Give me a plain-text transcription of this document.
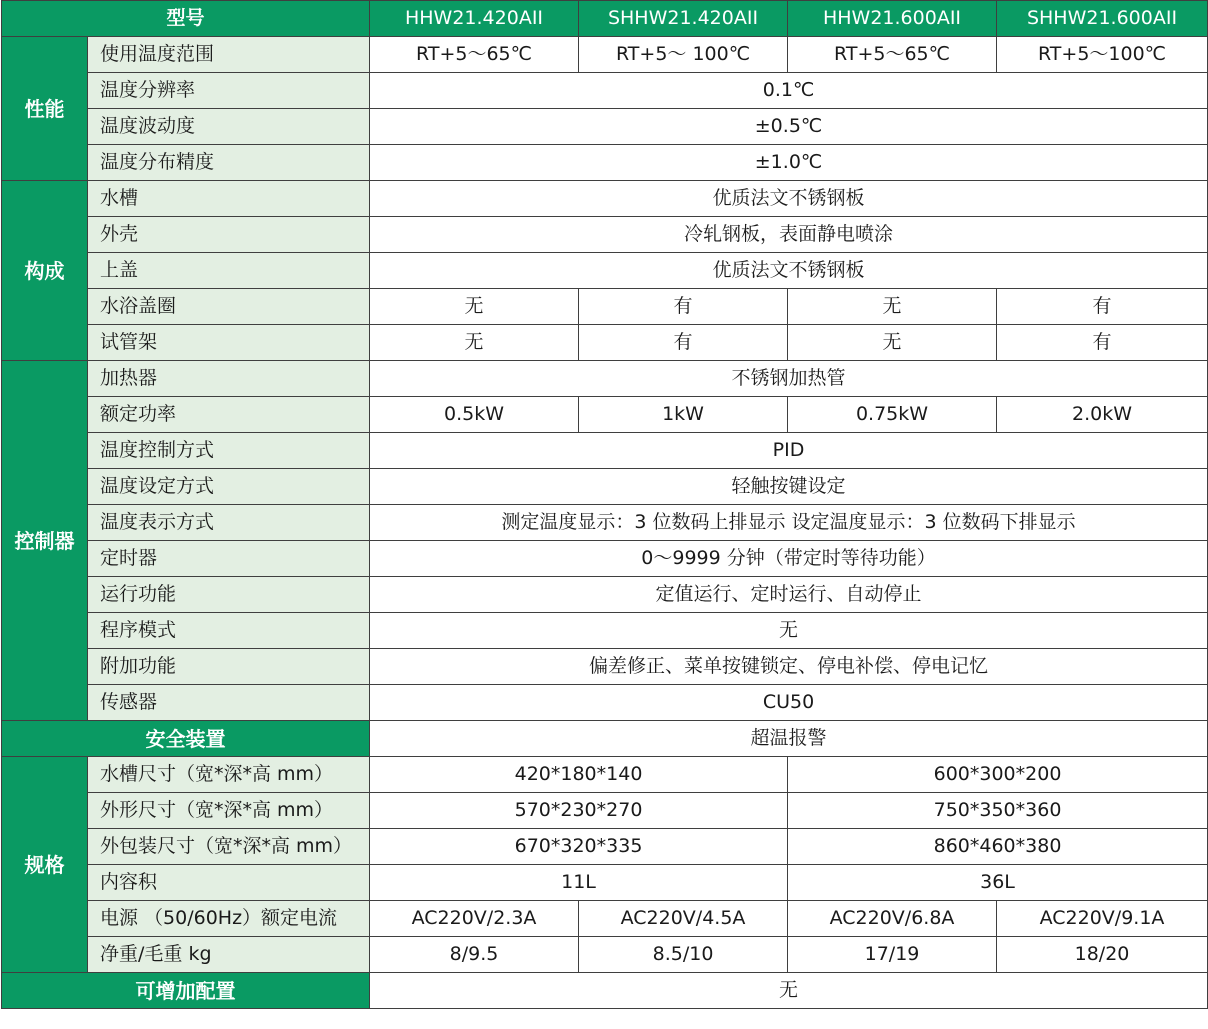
型号		HHW21.420AII	SHHW21.420AII	HHW21.600AII	SHHW21.600AII
性能	使用温度范围	RT+5～65℃	RT+5～ 100℃	RT+5～65℃	RT+5～100℃
	温度分辨率	0.1℃			
	温度波动度	±0.5℃			
	温度分布精度	±1.0℃			
构成	水槽	优质法文不锈钢板			
	外壳	冷轧钢板，表面静电喷涂			
	上盖	优质法文不锈钢板			
	水浴盖圈	无	有	无	有
	试管架	无	有	无	有
控制器	加热器	不锈钢加热管			
	额定功率	0.5kW	1kW	0.75kW	2.0kW
	温度控制方式	PID			
	温度设定方式	轻触按键设定			
	温度表示方式	测定温度显示：3 位数码上排显示 设定温度显示：3 位数码下排显示			
	定时器	0～9999 分钟（带定时等待功能）			
	运行功能	定值运行、定时运行、自动停止			
	程序模式	无			
	附加功能	偏差修正、菜单按键锁定、停电补偿、停电记忆			
	传感器	CU50			
安全装置		超温报警			
规格	水槽尺寸（宽*深*高 mm）	420*180*140		600*300*200	
	外形尺寸（宽*深*高 mm）	570*230*270		750*350*360	
	外包装尺寸（宽*深*高 mm）	670*320*335		860*460*380	
	内容积	11L		36L	
	电源 （50/60Hz）额定电流	AC220V/2.3A	AC220V/4.5A	AC220V/6.8A	AC220V/9.1A
	净重/毛重 kg	8/9.5	8.5/10	17/19	18/20
可增加配置		无			
